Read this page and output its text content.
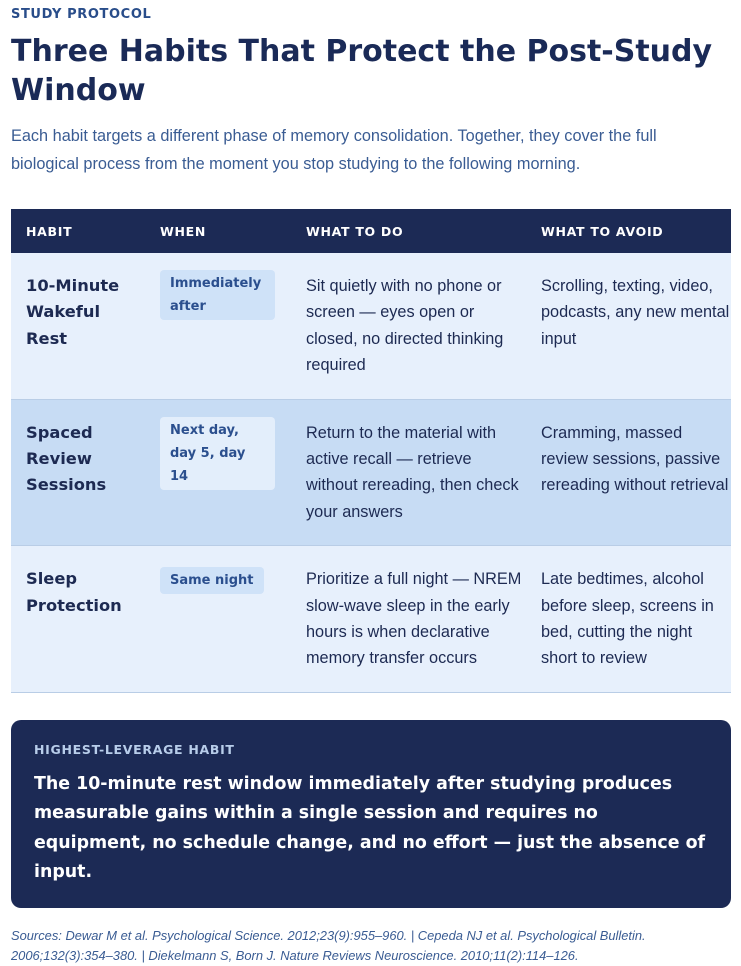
STUDY PROTOCOL

Three Habits That Protect the Post-Study Window

Each habit targets a different phase of memory consolidation. Together, they cover the full biological process from the moment you stop studying to the following morning.

HABIT	WHEN	WHAT TO DO	WHAT TO AVOID
10-Minute Wakeful Rest	Immediately after	Sit quietly with no phone or screen — eyes open or closed, no directed thinking required	Scrolling, texting, video, podcasts, any new mental input
Spaced Review Sessions	Next day, day 5, day 14	Return to the material with active recall — retrieve without rereading, then check your answers	Cramming, massed review sessions, passive rereading without retrieval
Sleep Protection	Same night	Prioritize a full night — NREM slow-wave sleep in the early hours is when declarative memory transfer occurs	Late bedtimes, alcohol before sleep, screens in bed, cutting the night short to review
HIGHEST-LEVERAGE HABIT
The 10-minute rest window immediately after studying produces measurable gains within a single session and requires no equipment, no schedule change, and no effort — just the absence of input.
Sources: Dewar M et al. Psychological Science. 2012;23(9):955–960. | Cepeda NJ et al. Psychological Bulletin. 2006;132(3):354–380. | Diekelmann S, Born J. Nature Reviews Neuroscience. 2010;11(2):114–126.
